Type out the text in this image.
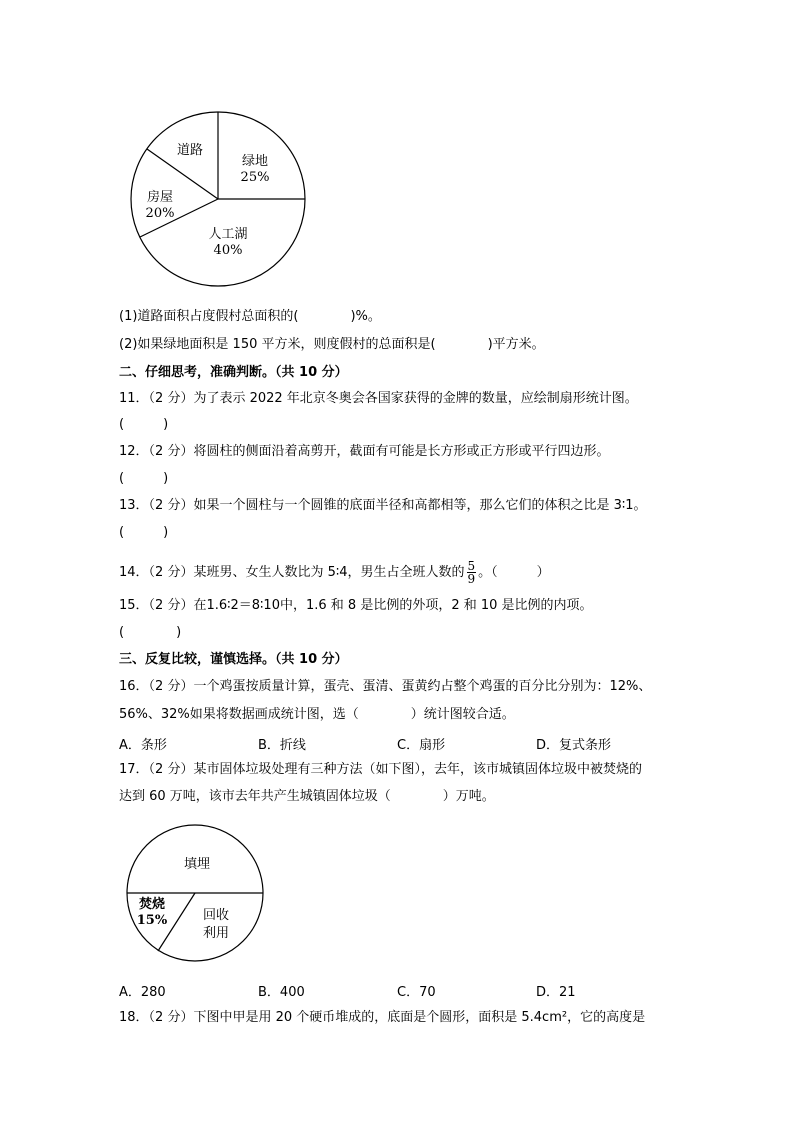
道路
绿地
25%
房屋
20%
人工湖
40%
(1)道路面积占度假村总面积的(　　　　)%。
(2)如果绿地面积是 150 平方米，则度假村的总面积是(　　　　)平方米。
二、仔细思考，准确判断。（共 10 分）
11．（2 分）为了表示 2022 年北京冬奥会各国家获得的金牌的数量，应绘制扇形统计图。
(　　　)
12．（2 分）将圆柱的侧面沿着高剪开，截面有可能是长方形或正方形或平行四边形。
(　　　)
13．（2 分）如果一个圆柱与一个圆锥的底面半径和高都相等，那么它们的体积之比是 3∶1。
(　　　)
14．（2 分）某班男、女生人数比为 5∶4，男生占全班人数的 $\frac{5}{9}$ 。（　　　）
15．（2 分）在1.6∶2＝8∶10中，1.6 和 8 是比例的外项，2 和 10 是比例的内项。
(　　　　)
三、反复比较，谨慎选择。（共 10 分）
16．（2 分）一个鸡蛋按质量计算，蛋壳、蛋清、蛋黄约占整个鸡蛋的百分比分别为：12%、
56%、32%如果将数据画成统计图，选（　　　　）统计图较合适。
A．条形	B．折线	C．扇形	D．复式条形
17．（2 分）某市固体垃圾处理有三种方法（如下图），去年，该市城镇固体垃圾中被焚烧的
达到 60 万吨，该市去年共产生城镇固体垃圾（　　　　）万吨。
填埋
焚烧
15%	回收
利用
A．280	B．400	C．70	D．21
18．（2 分）下图中甲是用 20 个硬币堆成的，底面是个圆形，面积是 5.4cm²，它的高度是
